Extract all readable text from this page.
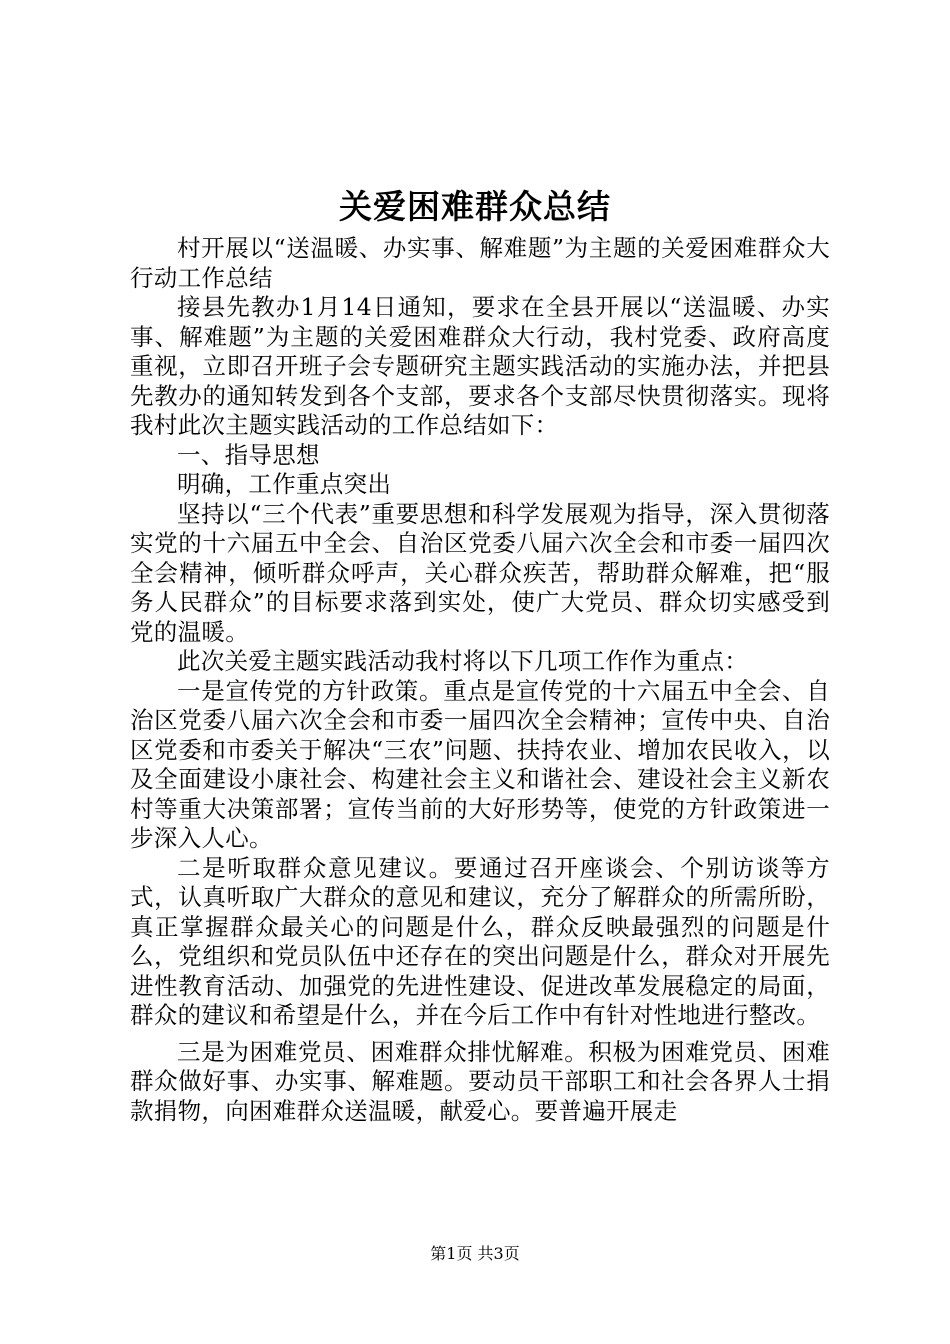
关爱困难群众总结

村开展以“送温暖、办实事、解难题”为主题的关爱困难群众大行动工作总结

接县先教办1月14日通知，要求在全县开展以“送温暖、办实事、解难题”为主题的关爱困难群众大行动，我村党委、政府高度重视，立即召开班子会专题研究主题实践活动的实施办法，并把县先教办的通知转发到各个支部，要求各个支部尽快贯彻落实。现将我村此次主题实践活动的工作总结如下：

一、指导思想

明确，工作重点突出

坚持以“三个代表”重要思想和科学发展观为指导，深入贯彻落实党的十六届五中全会、自治区党委八届六次全会和市委一届四次全会精神，倾听群众呼声，关心群众疾苦，帮助群众解难，把“服务人民群众”的目标要求落到实处，使广大党员、群众切实感受到党的温暖。

此次关爱主题实践活动我村将以下几项工作作为重点：

一是宣传党的方针政策。重点是宣传党的十六届五中全会、自治区党委八届六次全会和市委一届四次全会精神；宣传中央、自治区党委和市委关于解决“三农”问题、扶持农业、增加农民收入，以及全面建设小康社会、构建社会主义和谐社会、建设社会主义新农村等重大决策部署；宣传当前的大好形势等，使党的方针政策进一步深入人心。

二是听取群众意见建议。要通过召开座谈会、个别访谈等方式，认真听取广大群众的意见和建议，充分了解群众的所需所盼，真正掌握群众最关心的问题是什么，群众反映最强烈的问题是什么，党组织和党员队伍中还存在的突出问题是什么，群众对开展先进性教育活动、加强党的先进性建设、促进改革发展稳定的局面，群众的建议和希望是什么，并在今后工作中有针对性地进行整改。

三是为困难党员、困难群众排忧解难。积极为困难党员、困难群众做好事、办实事、解难题。要动员干部职工和社会各界人士捐款捐物，向困难群众送温暖，献爱心。要普遍开展走

第1页 共3页
